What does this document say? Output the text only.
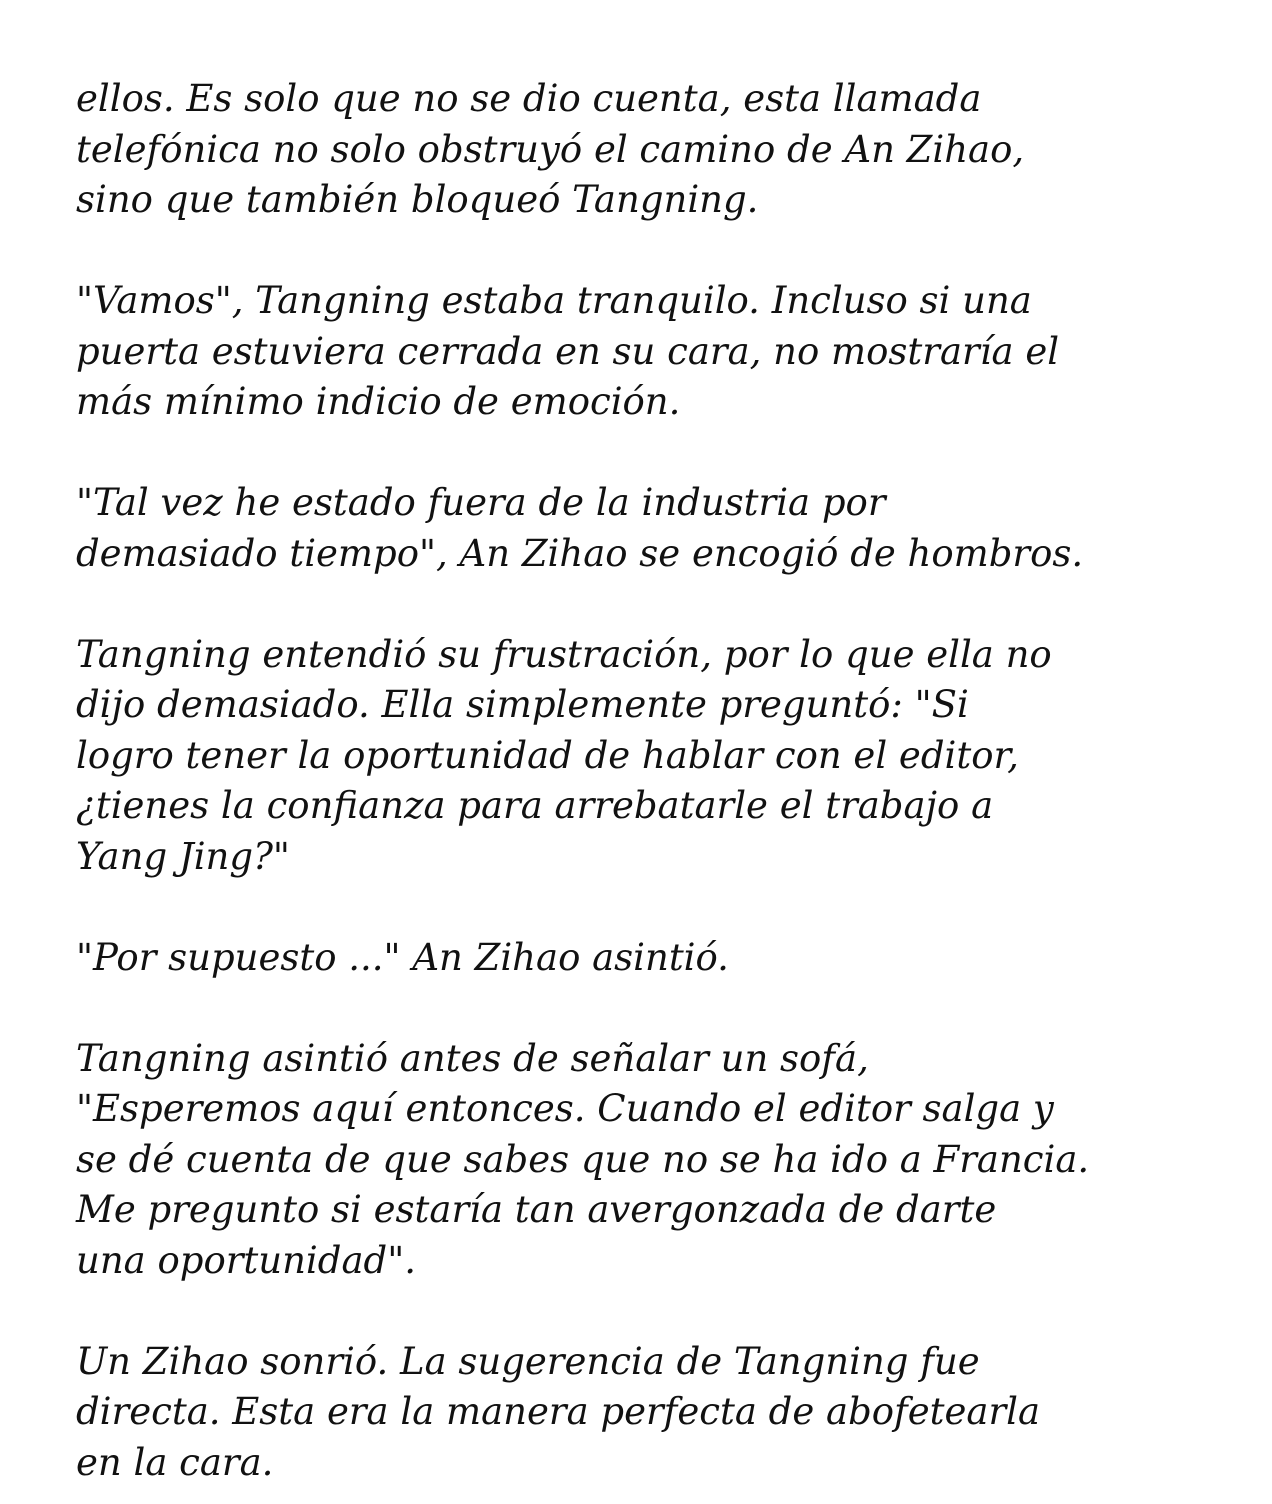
ellos. Es solo que no se dio cuenta, esta llamada
telefónica no solo obstruyó el camino de An Zihao,
sino que también bloqueó Tangning.

"Vamos", Tangning estaba tranquilo. Incluso si una
puerta estuviera cerrada en su cara, no mostraría el
más mínimo indicio de emoción.

"Tal vez he estado fuera de la industria por
demasiado tiempo", An Zihao se encogió de hombros.

Tangning entendió su frustración, por lo que ella no
dijo demasiado. Ella simplemente preguntó: "Si
logro tener la oportunidad de hablar con el editor,
¿tienes la confianza para arrebatarle el trabajo a
Yang Jing?"

"Por supuesto ..." An Zihao asintió.

Tangning asintió antes de señalar un sofá,
"Esperemos aquí entonces. Cuando el editor salga y
se dé cuenta de que sabes que no se ha ido a Francia.
Me pregunto si estaría tan avergonzada de darte
una oportunidad".

Un Zihao sonrió. La sugerencia de Tangning fue
directa. Esta era la manera perfecta de abofetearla
en la cara.
